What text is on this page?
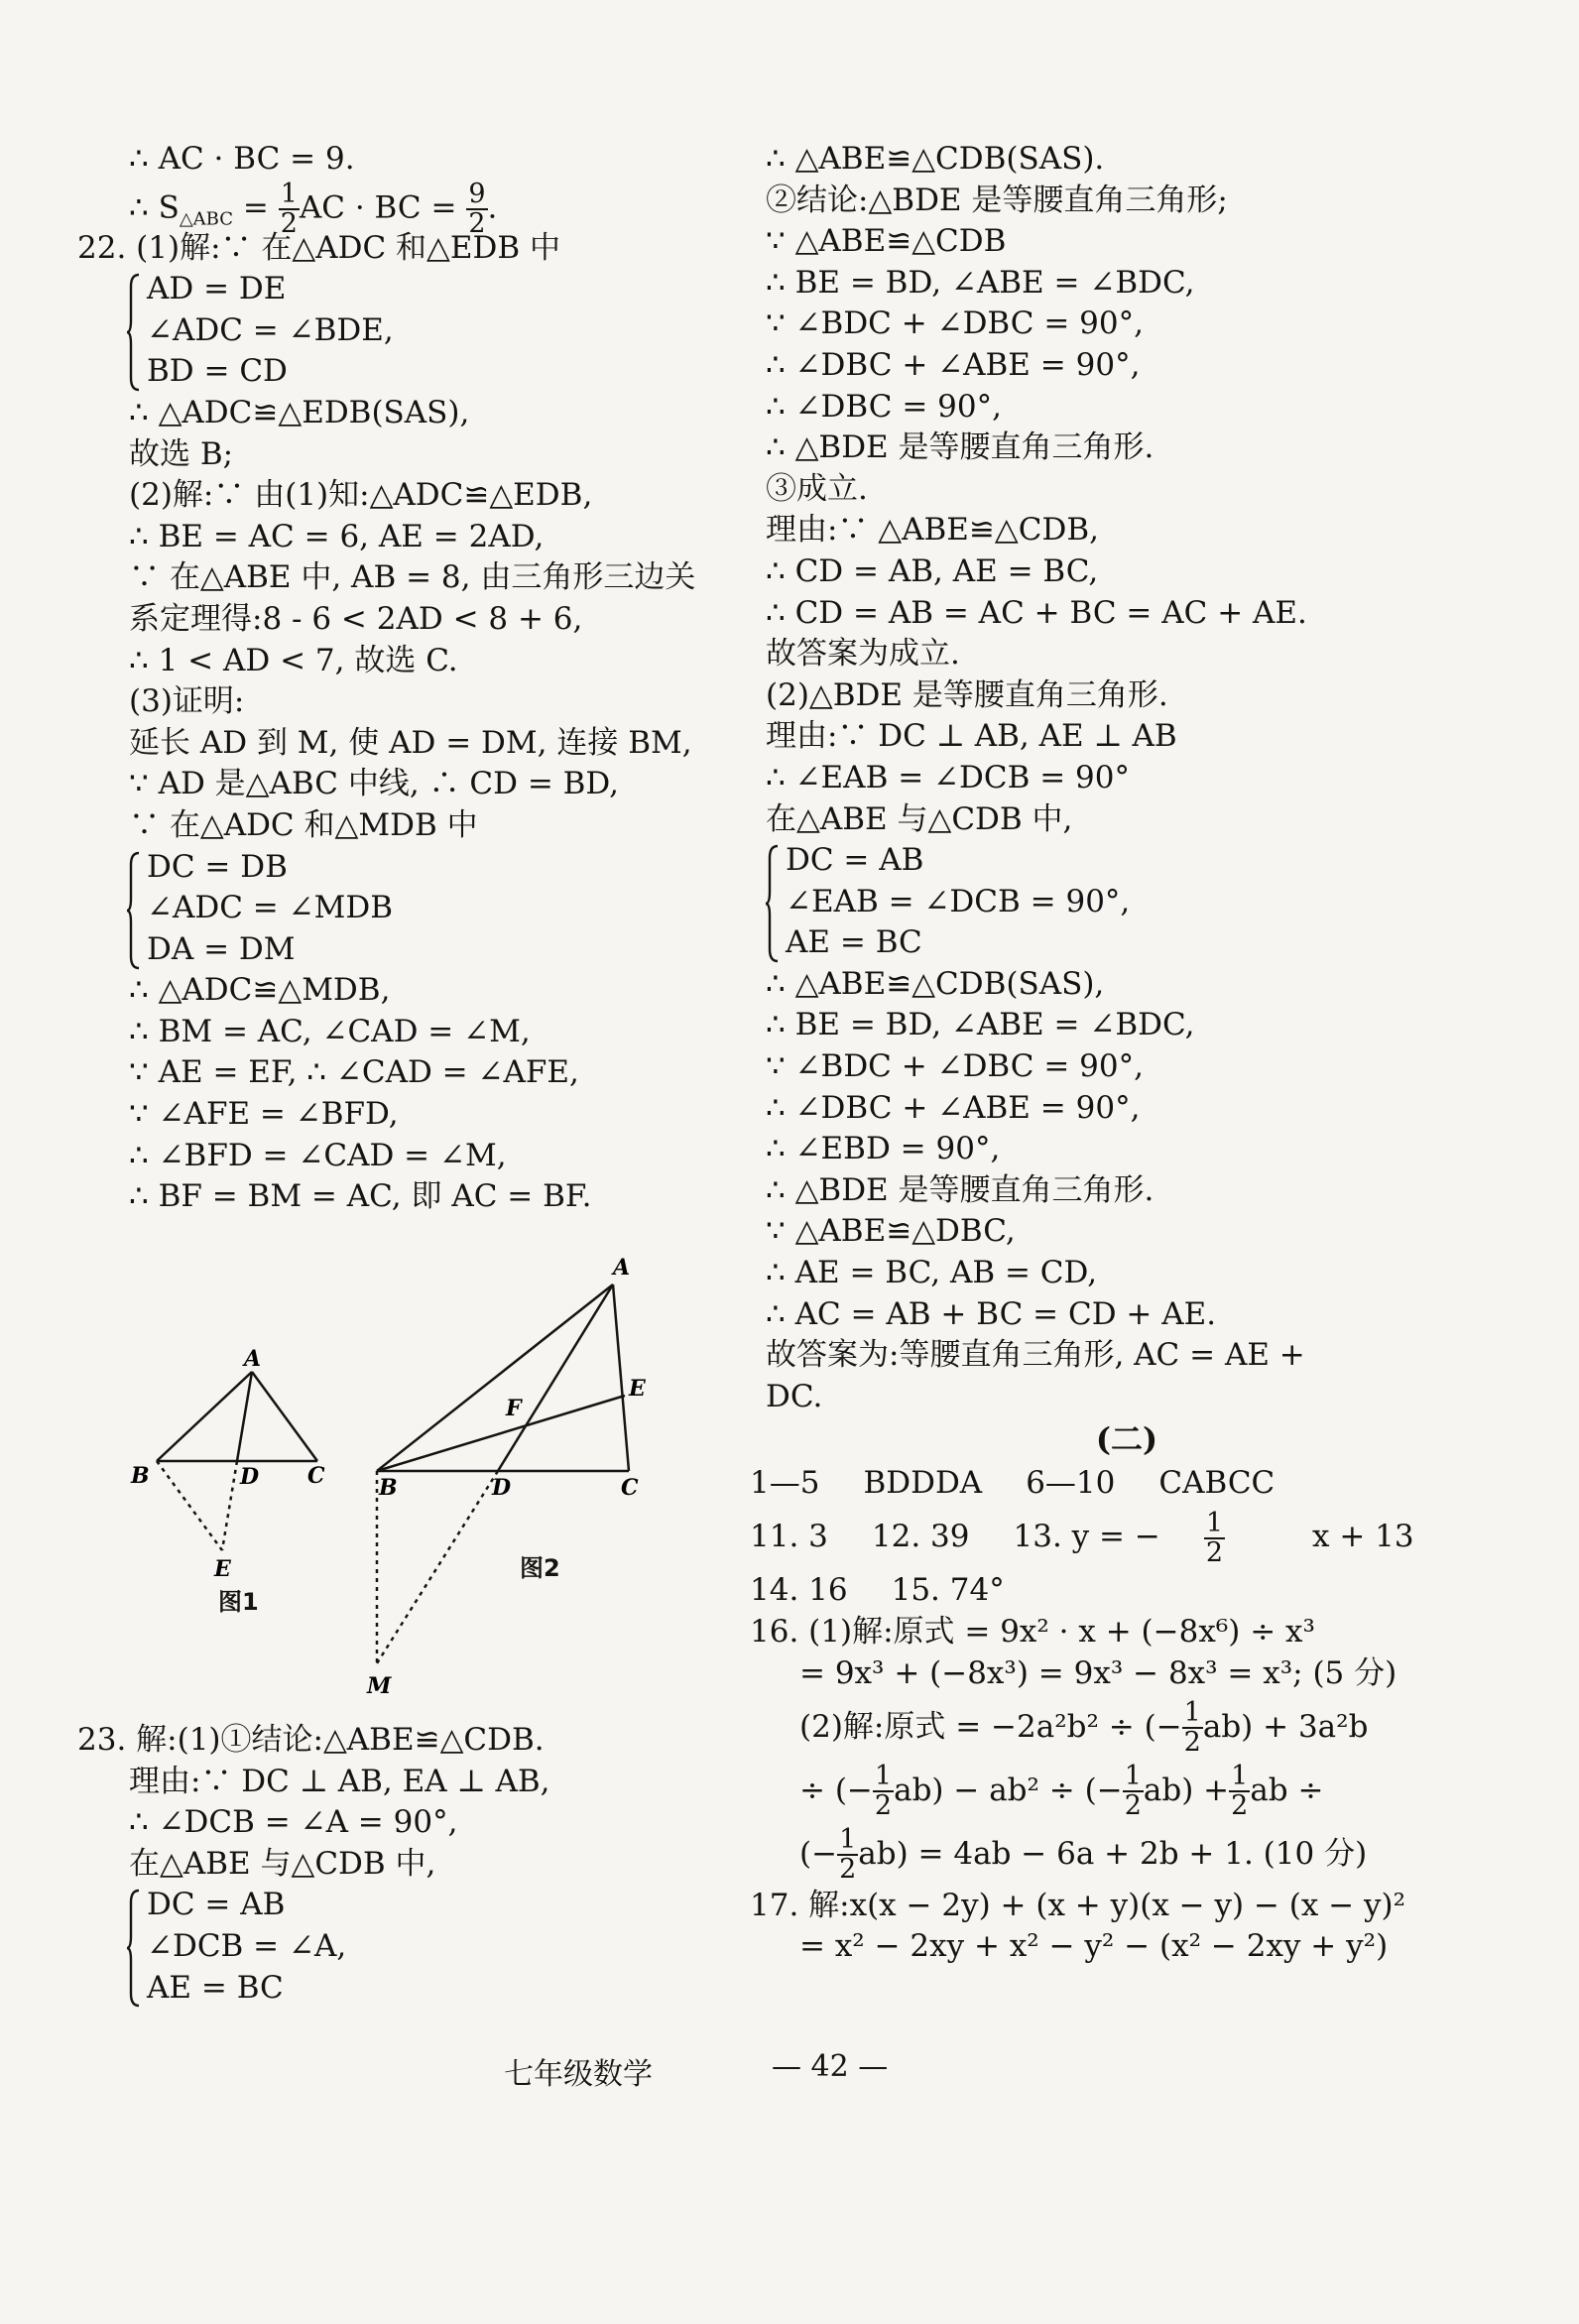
∴ AC · BC = 9.
∴ $S_{\triangle ABC} = \frac{1}{2}$ AC · BC = $\frac{9}{2}$ .
22. (1)解:∵ 在△ADC 和△EDB 中
AD = DE
∠ADC = ∠BDE,
BD = CD
∴ △ADC≌△EDB(SAS),
故选 B;
(2)解:∵ 由(1)知:△ADC≌△EDB,
∴ BE = AC = 6, AE = 2AD,
∵ 在△ABE 中, AB = 8, 由三角形三边关
系定理得:8 - 6 < 2AD < 8 + 6,
∴ 1 < AD < 7, 故选 C.
(3)证明:
延长 AD 到 M, 使 AD = DM, 连接 BM,
∵ AD 是△ABC 中线, ∴ CD = BD,
∵ 在△ADC 和△MDB 中
DC = DB
∠ADC = ∠MDB
DA = DM
∴ △ADC≌△MDB,
∴ BM = AC, ∠CAD = ∠M,
∵ AE = EF, ∴ ∠CAD = ∠AFE,
∵ ∠AFE = ∠BFD,
∴ ∠BFD = ∠CAD = ∠M,
∴ BF = BM = AC, 即 AC = BF.
A
B	D C
E
图1
A
F
E
B	D	C
M
图2
23. 解:(1)①结论:△ABE≌△CDB.
理由:∵ DC ⊥ AB, EA ⊥ AB,
∴ ∠DCB = ∠A = 90°,
在△ABE 与△CDB 中,
DC = AB
∠DCB = ∠A,
AE = BC
∴ △ABE≌△CDB(SAS).
②结论:△BDE 是等腰直角三角形;
∵ △ABE≌△CDB
∴ BE = BD, ∠ABE = ∠BDC,
∵ ∠BDC + ∠DBC = 90°,
∴ ∠DBC + ∠ABE = 90°,
∴ ∠DBC = 90°,
∴ △BDE 是等腰直角三角形.
③成立.
理由:∵ △ABE≌△CDB,
∴ CD = AB, AE = BC,
∴ CD = AB = AC + BC = AC + AE.
故答案为成立.
(2)△BDE 是等腰直角三角形.
理由:∵ DC ⊥ AB, AE ⊥ AB
∴ ∠EAB = ∠DCB = 90°
在△ABE 与△CDB 中,
DC = AB
∠EAB = ∠DCB = 90°,
AE = BC
∴ △ABE≌△CDB(SAS),
∴ BE = BD, ∠ABE = ∠BDC,
∵ ∠BDC + ∠DBC = 90°,
∴ ∠DBC + ∠ABE = 90°,
∴ ∠EBD = 90°,
∴ △BDE 是等腰直角三角形.
∵ △ABE≌△DBC,
∴ AE = BC, AB = CD,
∴ AC = AB + BC = CD + AE.
故答案为:等腰直角三角形, AC = AE +
DC.
(二)
1—5 BDDDA 6—10 CABCC
11. 3 12. 39 13. y = − $\frac{1}{2}$ x + 13
14. 16 15. 74°
16. (1)解:原式 = 9x² · x + (−8x⁶) ÷ x³
= 9x³ + (−8x³) = 9x³ − 8x³ = x³; (5 分)
(2)解:原式 = −2a²b² ÷ (− $\frac{1}{2} ab) + 3a^2b$
÷ (− $\frac{1}{2} ab) - ab^2$ ÷ (− $\frac{1}{2} ab) + \frac{1}{2}$ ab ÷
(− $\frac{1}{2} ab) = 4ab - 6a + 2b + 1$. (10 分)
17. 解:x(x − 2y) + (x + y)(x − y) − (x − y)²
= x² − 2xy + x² − y² − (x² − 2xy + y²)
七年级数学	— 42 —
